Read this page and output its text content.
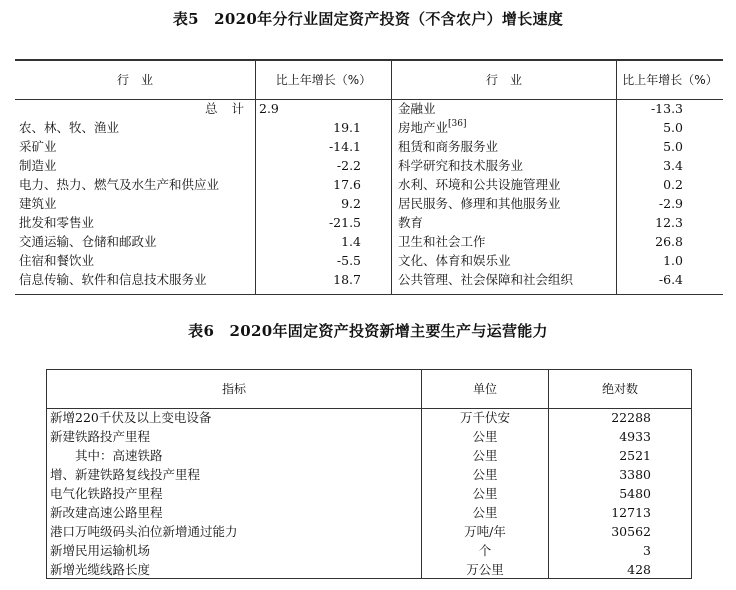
表5　2020年分行业固定资产投资（不含农户）增长速度
行　业	比上年增长（%）	行　业	比上年增长（%）
总计 2.9	金融业	-13.3
农、林、牧、渔业	19.1	房地产业[36]	5.0
采矿业	-14.1	租赁和商务服务业	5.0
制造业	-2.2	科学研究和技术服务业	3.4
电力、热力、燃气及水生产和供应业	17.6	水利、环境和公共设施管理业	0.2
建筑业	9.2	居民服务、修理和其他服务业	-2.9
批发和零售业	-21.5	教育	12.3
交通运输、仓储和邮政业	1.4	卫生和社会工作	26.8
住宿和餐饮业	-5.5	文化、体育和娱乐业	1.0
信息传输、软件和信息技术服务业	18.7	公共管理、社会保障和社会组织	-6.4
表6　2020年固定资产投资新增主要生产与运营能力
指标	单位	绝对数
新增220千伏及以上变电设备	万千伏安	22288
新建铁路投产里程	公里	4933
其中：高速铁路	公里	2521
增、新建铁路复线投产里程	公里	3380
电气化铁路投产里程	公里	5480
新改建高速公路里程	公里	12713
港口万吨级码头泊位新增通过能力	万吨/年	30562
新增民用运输机场	个	3
新增光缆线路长度	万公里	428
